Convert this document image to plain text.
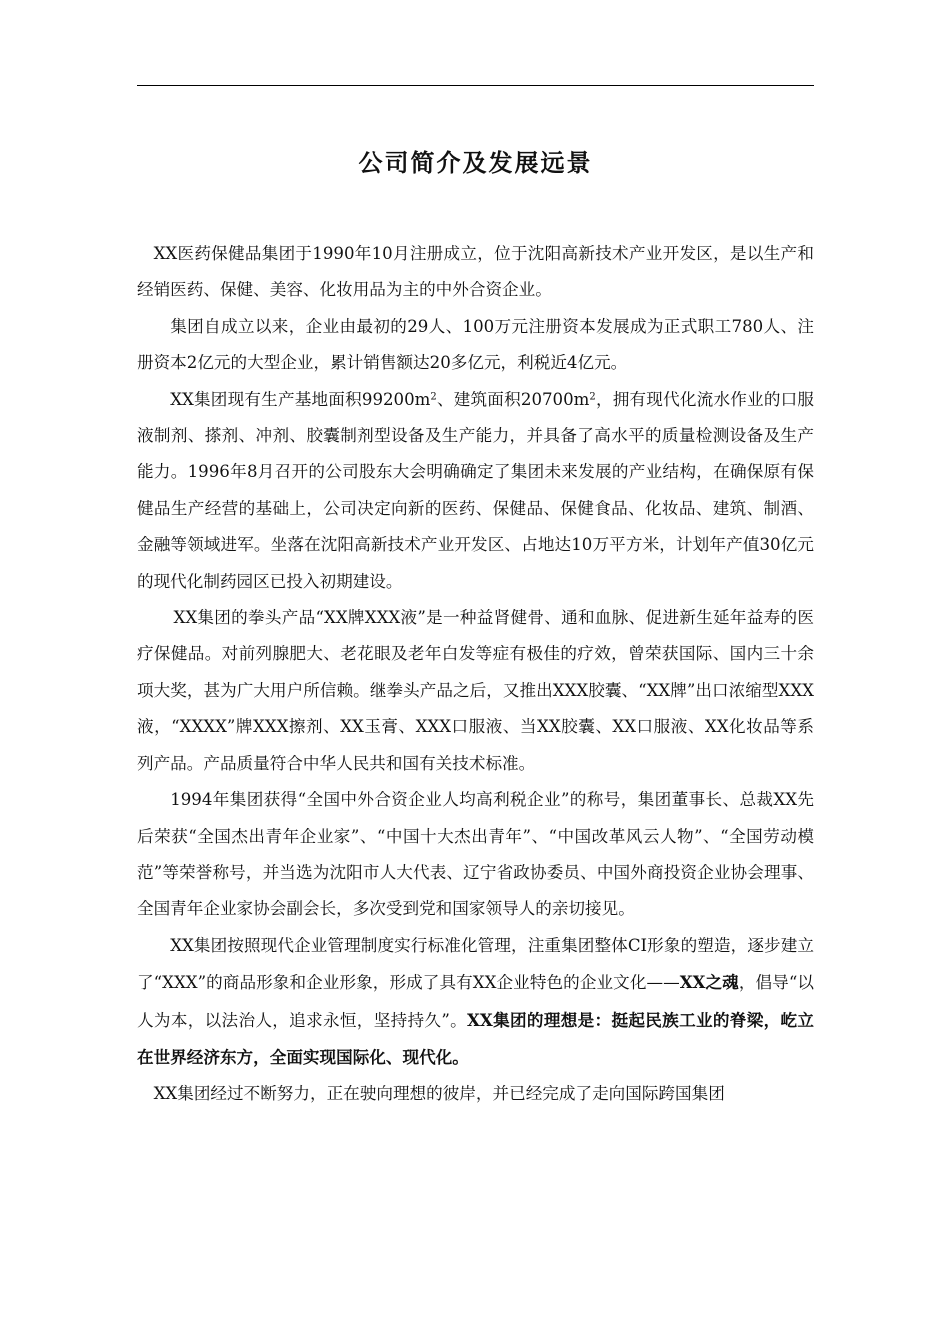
公司简介及发展远景

XX医药保健品集团于1990年10月注册成立，位于沈阳高新技术产业开发区，是以生产和经销医药、保健、美容、化妆用品为主的中外合资企业。

集团自成立以来，企业由最初的29人、100万元注册资本发展成为正式职工780人、注册资本2亿元的大型企业，累计销售额达20多亿元，利税近4亿元。

XX集团现有生产基地面积$99200m^2$、建筑面积$20700m^2$，拥有现代化流水作业的口服液制剂、搽剂、冲剂、胶囊制剂型设备及生产能力，并具备了高水平的质量检测设备及生产能力。1996年8月召开的公司股东大会明确确定了集团未来发展的产业结构，在确保原有保健品生产经营的基础上，公司决定向新的医药、保健品、保健食品、化妆品、建筑、制酒、金融等领域进军。坐落在沈阳高新技术产业开发区、占地达10万平方米，计划年产值30亿元的现代化制药园区已投入初期建设。

XX集团的拳头产品“XX牌XXX液”是一种益肾健骨、通和血脉、促进新生延年益寿的医疗保健品。对前列腺肥大、老花眼及老年白发等症有极佳的疗效，曾荣获国际、国内三十余项大奖，甚为广大用户所信赖。继拳头产品之后，又推出XXX胶囊、“XX牌”出口浓缩型XXX液，“XXXX”牌XXX擦剂、XX玉膏、XXX口服液、当XX胶囊、XX口服液、XX化妆品等系列产品。产品质量符合中华人民共和国有关技术标准。

1994年集团获得“全国中外合资企业人均高利税企业”的称号，集团董事长、总裁XX先后荣获“全国杰出青年企业家”、“中国十大杰出青年”、“中国改革风云人物”、“全国劳动模范”等荣誉称号，并当选为沈阳市人大代表、辽宁省政协委员、中国外商投资企业协会理事、全国青年企业家协会副会长，多次受到党和国家领导人的亲切接见。

XX集团按照现代企业管理制度实行标准化管理，注重集团整体CI形象的塑造，逐步建立了“XXX”的商品形象和企业形象，形成了具有XX企业特色的企业文化——XX之魂，倡导“以人为本，以法治人，追求永恒，坚持持久”。XX集团的理想是：挺起民族工业的脊梁，屹立在世界经济东方，全面实现国际化、现代化。

XX集团经过不断努力，正在驶向理想的彼岸，并已经完成了走向国际跨国集团
